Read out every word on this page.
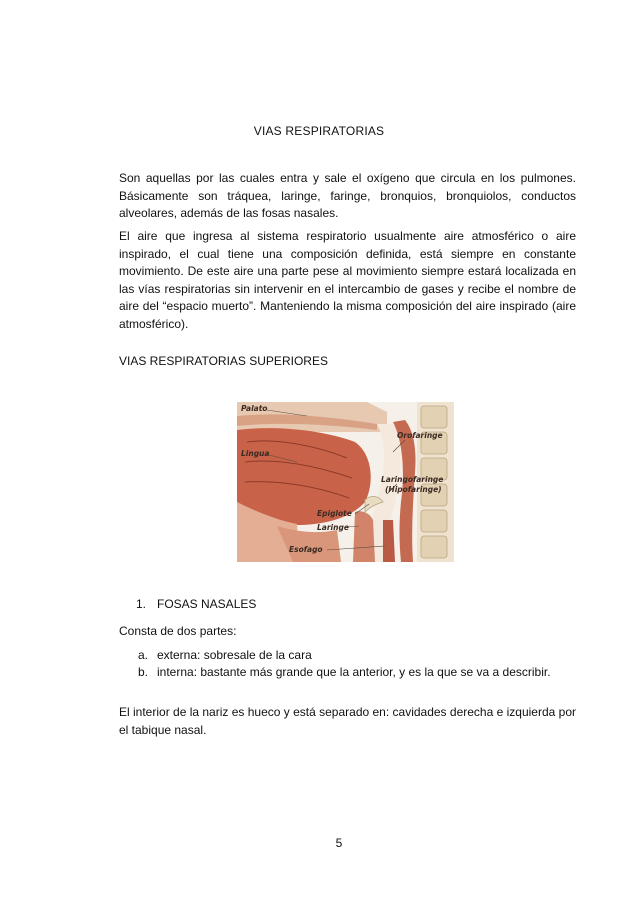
VIAS RESPIRATORIAS

Son aquellas por las cuales entra y sale el oxígeno que circula en los pulmones. Básicamente son tráquea, laringe, faringe, bronquios, bronquiolos, conductos alveolares, además de las fosas nasales.

El aire que ingresa al sistema respiratorio usualmente aire atmosférico o aire inspirado, el cual tiene una composición definida, está siempre en constante movimiento. De este aire una parte pese al movimiento siempre estará localizada en las vías respiratorias sin intervenir en el intercambio de gases y recibe el nombre de aire del “espacio muerto”. Manteniendo la misma composición del aire inspirado (aire atmosférico).

VIAS RESPIRATORIAS SUPERIORES

Palato
Lingua
Orofaringe
Laringofaringe
(Hipofaringe)
Epiglote
Laringe
Esofago

1. FOSAS NASALES

Consta de dos partes:

a. externa: sobresale de la cara
b. interna: bastante más grande que la anterior, y es la que se va a describir.

El interior de la nariz es hueco y está separado en: cavidades derecha e izquierda por el tabique nasal.

5
